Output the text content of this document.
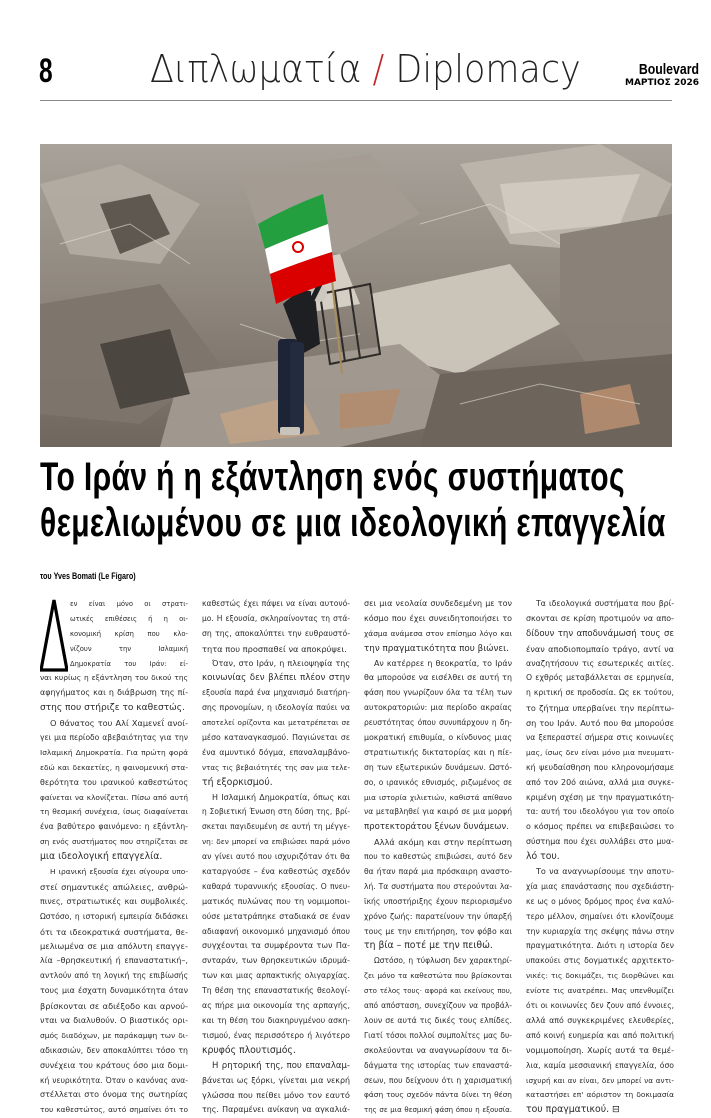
8	Διπλωματία / Diplomacy	Boulevard
ΜΑΡΤΙΟΣ 2026
Το Ιράν ή η εξάντληση ενός συστήματος
θεμελιωμένου σε μια ιδεολογική επαγγελία
του Yves Bomati (Le Figaro)
Δ
εν είναι μόνο οι στρατι-
ωτικές επιθέσεις ή η οι-
κονομική κρίση που κλο-
νίζουν την Ισλαμική
Δημοκρατία του Ιράν: εί-
ναι κυρίως η εξάντληση του δικού της
αφηγήματος και η διάβρωση της πί-
στης που στήριζε το καθεστώς.
Ο θάνατος του Αλί Χαμενεΐ ανοί-
γει μια περίοδο αβεβαιότητας για την
Ισλαμική Δημοκρατία. Για πρώτη φορά
εδώ και δεκαετίες, η φαινομενική στα-
θερότητα του ιρανικού καθεστώτος
φαίνεται να κλονίζεται. Πίσω από αυτή
τη θεσμική συνέχεια, ίσως διαφαίνεται
ένα βαθύτερο φαινόμενο: η εξάντλη-
ση ενός συστήματος που στηρίζεται σε
μια ιδεολογική επαγγελία.
Η ιρανική εξουσία έχει σίγουρα υπο-
στεί σημαντικές απώλειες, ανθρώ-
πινες, στρατιωτικές και συμβολικές.
Ωστόσο, η ιστορική εμπειρία διδάσκει
ότι τα ιδεοκρατικά συστήματα, θε-
μελιωμένα σε μια απόλυτη επαγγε-
λία –θρησκευτική ή επαναστατική–,
αντλούν από τη λογική της επιβίωσής
τους μια έσχατη δυναμικότητα όταν
βρίσκονται σε αδιέξοδο και αρνού-
νται να διαλυθούν. Ο βιαστικός ορι-
σμός διαδόχων, με παράκαμψη των δι-
αδικασιών, δεν αποκαλύπτει τόσο τη
συνέχεια του κράτους όσο μια δομι-
κή νευρικότητα. Όταν ο κανόνας ανα-
στέλλεται στο όνομα της σωτηρίας
του καθεστώτος, αυτό σημαίνει ότι το
καθεστώς έχει πάψει να είναι αυτονό-
μο. Η εξουσία, σκληραίνοντας τη στά-
ση της, αποκαλύπτει την ευθραυστό-
τητα που προσπαθεί να αποκρύψει.
Όταν, στο Ιράν, η πλειοψηφία της
κοινωνίας δεν βλέπει πλέον στην
εξουσία παρά ένα μηχανισμό διατήρη-
σης προνομίων, η ιδεολογία παύει να
αποτελεί ορίζοντα και μετατρέπεται σε
μέσο καταναγκασμού. Παγιώνεται σε
ένα αμυντικό δόγμα, επαναλαμβάνο-
ντας τις βεβαιότητές της σαν μια τελε-
τή εξορκισμού.
Η Ισλαμική Δημοκρατία, όπως και
η Σοβιετική Ένωση στη δύση της, βρί-
σκεται παγιδευμένη σε αυτή τη μέγγε-
νη: δεν μπορεί να επιβιώσει παρά μόνο
αν γίνει αυτό που ισχυριζόταν ότι θα
καταργούσε – ένα καθεστώς σχεδόν
καθαρά τυραννικής εξουσίας. Ο πνευ-
ματικός πυλώνας που τη νομιμοποι-
ούσε μετατράπηκε σταδιακά σε έναν
αδιαφανή οικονομικό μηχανισμό όπου
συγχέονται τα συμφέροντα των Πα-
σνταράν, των θρησκευτικών ιδρυμά-
των και μιας αρπακτικής ολιγαρχίας.
Τη θέση της επαναστατικής θεολογί-
ας πήρε μια οικονομία της αρπαγής,
και τη θέση του διακηρυγμένου ασκη-
τισμού, ένας περισσότερο ή λιγότερο
κρυφός πλουτισμός.
Η ρητορική της, που επαναλαμ-
βάνεται ως ξόρκι, γίνεται μια νεκρή
γλώσσα που πείθει μόνο τον εαυτό
της. Παραμένει ανίκανη να αγκαλιά-
σει μια νεολαία συνδεδεμένη με τον
κόσμο που έχει συνειδητοποιήσει το
χάσμα ανάμεσα στον επίσημο λόγο και
την πραγματικότητα που βιώνει.
Αν κατέρρεε η θεοκρατία, το Ιράν
θα μπορούσε να εισέλθει σε αυτή τη
φάση που γνωρίζουν όλα τα τέλη των
αυτοκρατοριών: μια περίοδο ακραίας
ρευστότητας όπου συνυπάρχουν η δη-
μοκρατική επιθυμία, ο κίνδυνος μιας
στρατιωτικής δικτατορίας και η πίε-
ση των εξωτερικών δυνάμεων. Ωστό-
σο, ο ιρανικός εθνισμός, ριζωμένος σε
μια ιστορία χιλιετιών, καθιστά απίθανο
να μεταβληθεί για καιρό σε μια μορφή
προτεκτοράτου ξένων δυνάμεων.
Αλλά ακόμη και στην περίπτωση
που το καθεστώς επιβιώσει, αυτό δεν
θα ήταν παρά μια πρόσκαιρη αναστο-
λή. Τα συστήματα που στερούνται λα-
ϊκής υποστήριξης έχουν περιορισμένο
χρόνο ζωής: παρατείνουν την ύπαρξή
τους με την επιτήρηση, τον φόβο και
τη βία – ποτέ με την πειθώ.
Ωστόσο, η τύφλωση δεν χαρακτηρί-
ζει μόνο τα καθεστώτα που βρίσκονται
στο τέλος τους· αφορά και εκείνους που,
από απόσταση, συνεχίζουν να προβάλ-
λουν σε αυτά τις δικές τους ελπίδες.
Γιατί τόσοι πολλοί συμπολίτες μας δυ-
σκολεύονται να αναγνωρίσουν τα δι-
δάγματα της ιστορίας των επαναστά-
σεων, που δείχνουν ότι η χαρισματική
φάση τους σχεδόν πάντα δίνει τη θέση
της σε μια θεσμική φάση όπου η εξουσία.
Τα ιδεολογικά συστήματα που βρί-
σκονται σε κρίση προτιμούν να απο-
δίδουν την αποδυνάμωσή τους σε
έναν αποδιοπομπαίο τράγο, αντί να
αναζητήσουν τις εσωτερικές αιτίες.
Ο εχθρός μεταβάλλεται σε ερμηνεία,
η κριτική σε προδοσία. Ως εκ τούτου,
το ζήτημα υπερβαίνει την περίπτω-
ση του Ιράν. Αυτό που θα μπορούσε
να ξεπεραστεί σήμερα στις κοινωνίες
μας, ίσως δεν είναι μόνο μια πνευματι-
κή ψευδαίσθηση που κληρονομήσαμε
από τον 20ό αιώνα, αλλά μια συγκε-
κριμένη σχέση με την πραγματικότη-
τα: αυτή του ιδεολόγου για τον οποίο
ο κόσμος πρέπει να επιβεβαιώσει το
σύστημα που έχει συλλάβει στο μυα-
λό του.
Το να αναγνωρίσουμε την αποτυ-
χία μιας επανάστασης που σχεδιάστη-
κε ως ο μόνος δρόμος προς ένα καλύ-
τερο μέλλον, σημαίνει ότι κλονίζουμε
την κυριαρχία της σκέψης πάνω στην
πραγματικότητα. Διότι η ιστορία δεν
υπακούει στις δογματικές αρχιτεκτο-
νικές: τις δοκιμάζει, τις διορθώνει και
ενίοτε τις ανατρέπει. Μας υπενθυμίζει
ότι οι κοινωνίες δεν ζουν από έννοιες,
αλλά από συγκεκριμένες ελευθερίες,
από κοινή ευημερία και από πολιτική
νομιμοποίηση. Χωρίς αυτά τα θεμέ-
λια, καμία μεσσιανική επαγγελία, όσο
ισχυρή και αν είναι, δεν μπορεί να αντι-
καταστήσει επ' αόριστον τη δοκιμασία
του πραγματικού. ⊟
